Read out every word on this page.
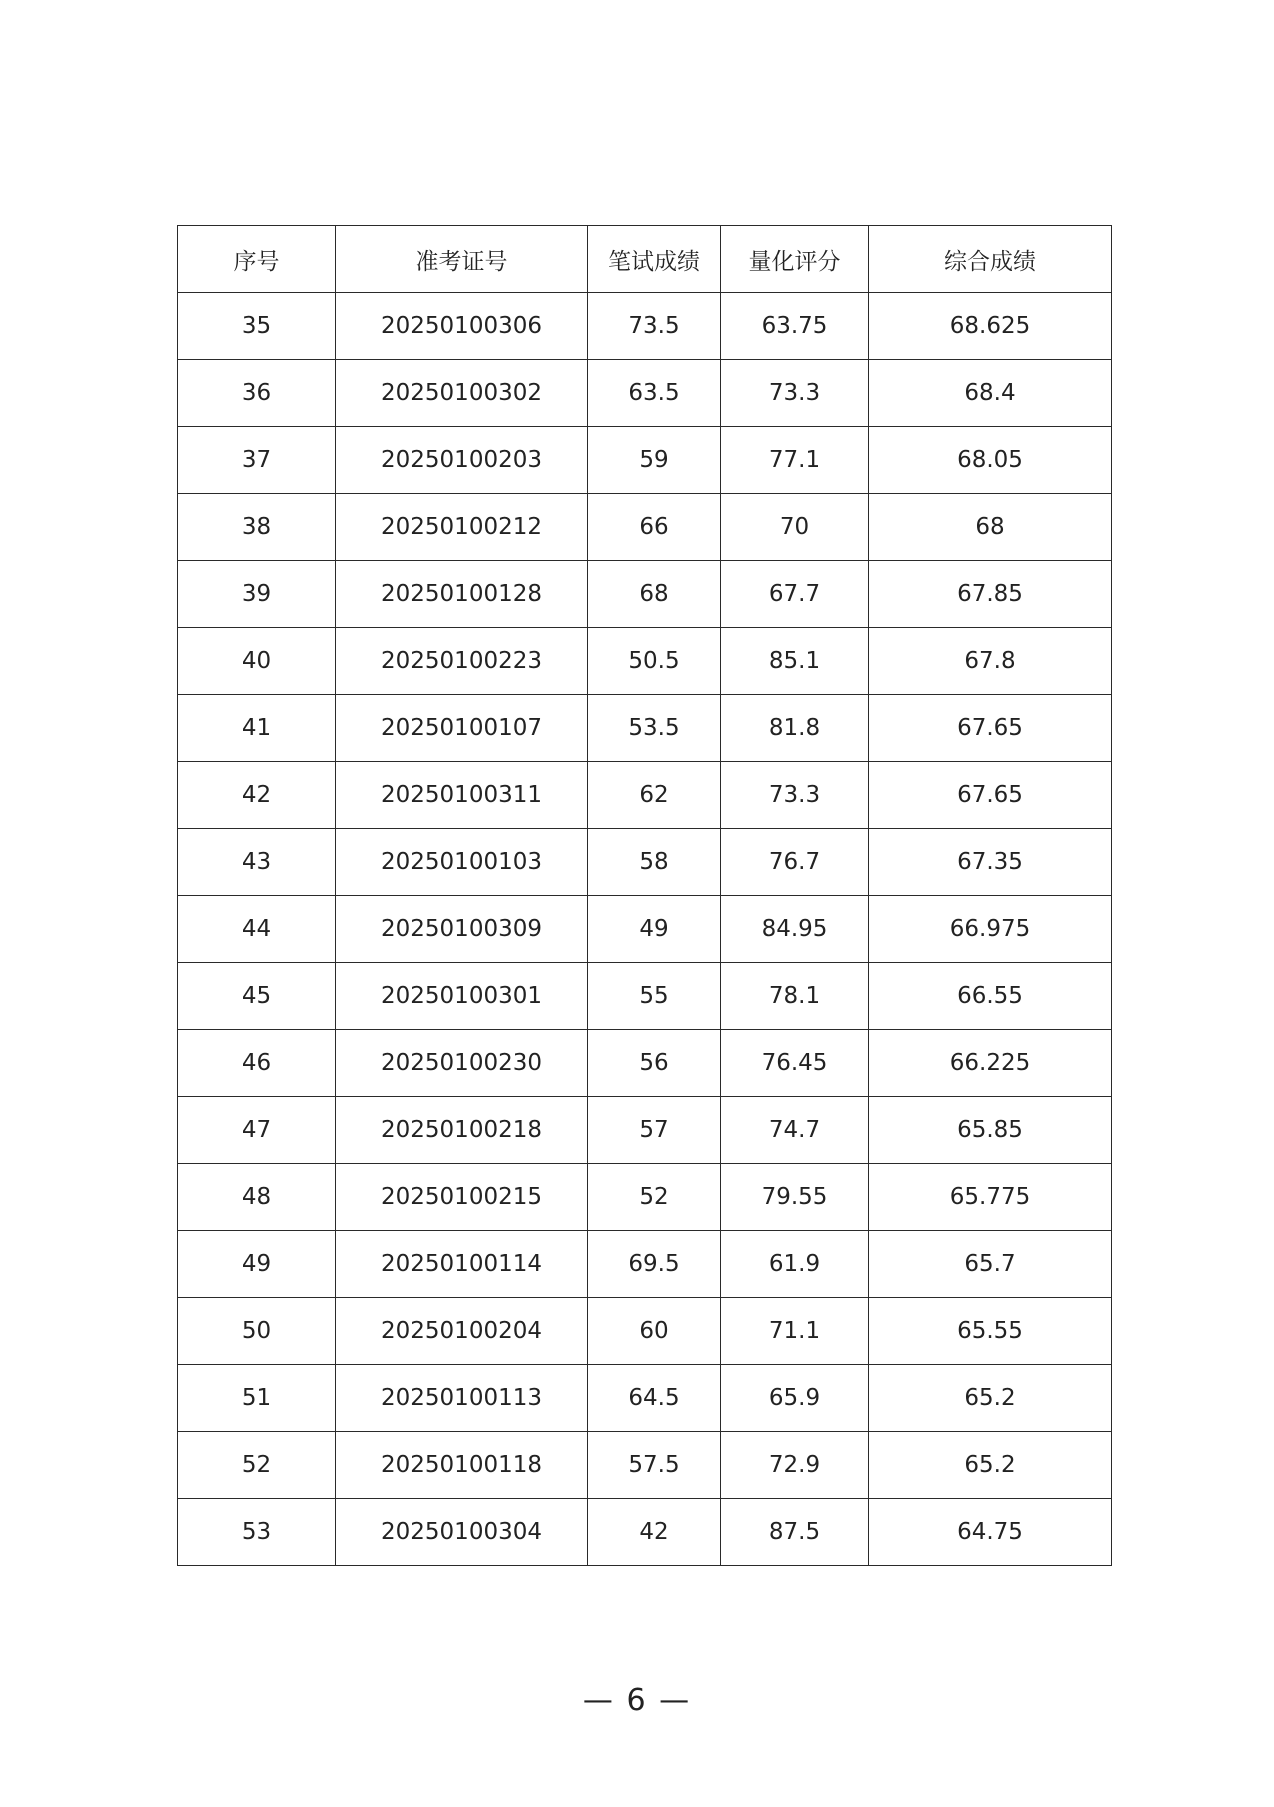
序号	准考证号	笔试成绩	量化评分	综合成绩
35	20250100306	73.5	63.75	68.625
36	20250100302	63.5	73.3	68.4
37	20250100203	59	77.1	68.05
38	20250100212	66	70	68
39	20250100128	68	67.7	67.85
40	20250100223	50.5	85.1	67.8
41	20250100107	53.5	81.8	67.65
42	20250100311	62	73.3	67.65
43	20250100103	58	76.7	67.35
44	20250100309	49	84.95	66.975
45	20250100301	55	78.1	66.55
46	20250100230	56	76.45	66.225
47	20250100218	57	74.7	65.85
48	20250100215	52	79.55	65.775
49	20250100114	69.5	61.9	65.7
50	20250100204	60	71.1	65.55
51	20250100113	64.5	65.9	65.2
52	20250100118	57.5	72.9	65.2
53	20250100304	42	87.5	64.75
— 6 —
